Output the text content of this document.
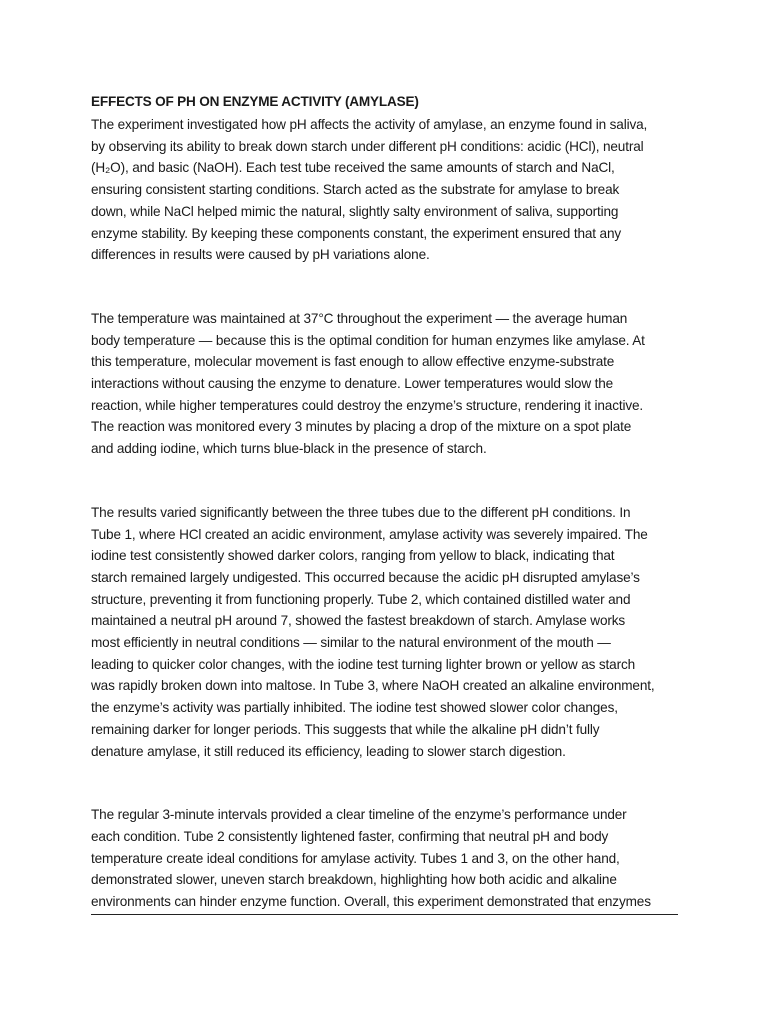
EFFECTS OF PH ON ENZYME ACTIVITY (AMYLASE)

The experiment investigated how pH affects the activity of amylase, an enzyme found in saliva,
by observing its ability to break down starch under different pH conditions: acidic (HCl), neutral
(H₂O), and basic (NaOH). Each test tube received the same amounts of starch and NaCl,
ensuring consistent starting conditions. Starch acted as the substrate for amylase to break
down, while NaCl helped mimic the natural, slightly salty environment of saliva, supporting
enzyme stability. By keeping these components constant, the experiment ensured that any
differences in results were caused by pH variations alone.

The temperature was maintained at 37°C throughout the experiment — the average human
body temperature — because this is the optimal condition for human enzymes like amylase. At
this temperature, molecular movement is fast enough to allow effective enzyme-substrate
interactions without causing the enzyme to denature. Lower temperatures would slow the
reaction, while higher temperatures could destroy the enzyme’s structure, rendering it inactive.
The reaction was monitored every 3 minutes by placing a drop of the mixture on a spot plate
and adding iodine, which turns blue-black in the presence of starch.

The results varied significantly between the three tubes due to the different pH conditions. In
Tube 1, where HCl created an acidic environment, amylase activity was severely impaired. The
iodine test consistently showed darker colors, ranging from yellow to black, indicating that
starch remained largely undigested. This occurred because the acidic pH disrupted amylase’s
structure, preventing it from functioning properly. Tube 2, which contained distilled water and
maintained a neutral pH around 7, showed the fastest breakdown of starch. Amylase works
most efficiently in neutral conditions — similar to the natural environment of the mouth —
leading to quicker color changes, with the iodine test turning lighter brown or yellow as starch
was rapidly broken down into maltose. In Tube 3, where NaOH created an alkaline environment,
the enzyme’s activity was partially inhibited. The iodine test showed slower color changes,
remaining darker for longer periods. This suggests that while the alkaline pH didn’t fully
denature amylase, it still reduced its efficiency, leading to slower starch digestion.

The regular 3-minute intervals provided a clear timeline of the enzyme’s performance under
each condition. Tube 2 consistently lightened faster, confirming that neutral pH and body
temperature create ideal conditions for amylase activity. Tubes 1 and 3, on the other hand,
demonstrated slower, uneven starch breakdown, highlighting how both acidic and alkaline
environments can hinder enzyme function. Overall, this experiment demonstrated that enzymes
